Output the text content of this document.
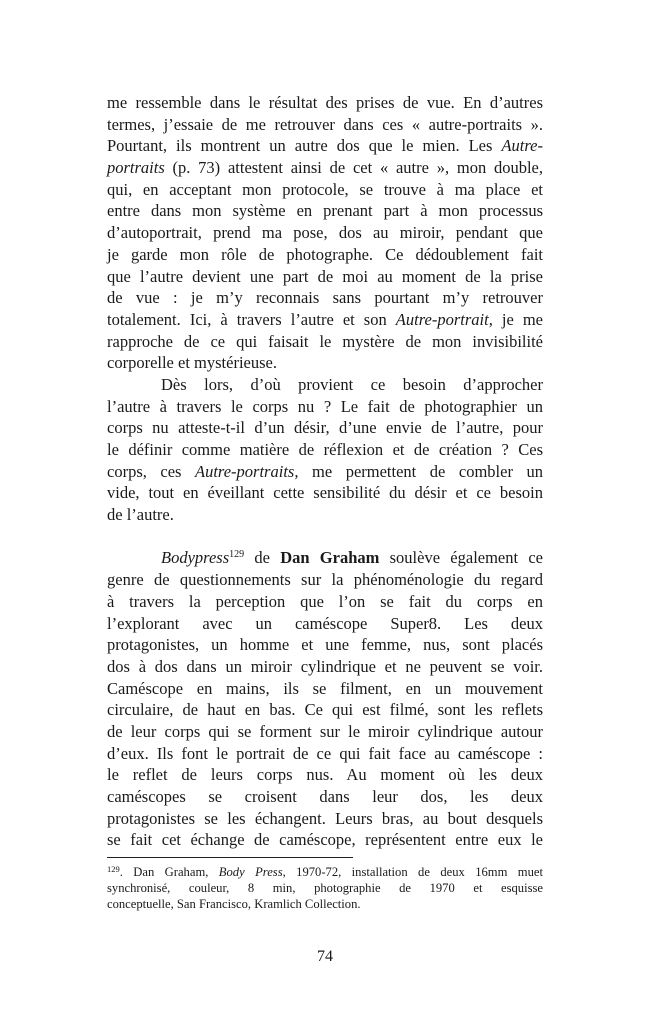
me ressemble dans le résultat des prises de vue. En d’autres
termes, j’essaie de me retrouver dans ces « autre-portraits ».
Pourtant, ils montrent un autre dos que le mien. Les Autre-
portraits (p. 73) attestent ainsi de cet « autre », mon double,
qui, en acceptant mon protocole, se trouve à ma place et
entre dans mon système en prenant part à mon processus
d’autoportrait, prend ma pose, dos au miroir, pendant que
je garde mon rôle de photographe. Ce dédoublement fait
que l’autre devient une part de moi au moment de la prise
de vue : je m’y reconnais sans pourtant m’y retrouver
totalement. Ici, à travers l’autre et son Autre-portrait, je me
rapproche de ce qui faisait le mystère de mon invisibilité
corporelle et mystérieuse.
Dès lors, d’où provient ce besoin d’approcher
l’autre à travers le corps nu ? Le fait de photographier un
corps nu atteste-t-il d’un désir, d’une envie de l’autre, pour
le définir comme matière de réflexion et de création ? Ces
corps, ces Autre-portraits, me permettent de combler un
vide, tout en éveillant cette sensibilité du désir et ce besoin
de l’autre.
Bodypress$^{129}$ de Dan Graham soulève également ce
genre de questionnements sur la phénoménologie du regard
à travers la perception que l’on se fait du corps en
l’explorant avec un caméscope Super8. Les deux
protagonistes, un homme et une femme, nus, sont placés
dos à dos dans un miroir cylindrique et ne peuvent se voir.
Caméscope en mains, ils se filment, en un mouvement
circulaire, de haut en bas. Ce qui est filmé, sont les reflets
de leur corps qui se forment sur le miroir cylindrique autour
d’eux. Ils font le portrait de ce qui fait face au caméscope :
le reflet de leurs corps nus. Au moment où les deux
caméscopes se croisent dans leur dos, les deux
protagonistes se les échangent. Leurs bras, au bout desquels
se fait cet échange de caméscope, représentent entre eux le
$^{129}$. Dan Graham, Body Press, 1970-72, installation de deux 16mm muet
synchronisé, couleur, 8 min, photographie de 1970 et esquisse
conceptuelle, San Francisco, Kramlich Collection.
74
